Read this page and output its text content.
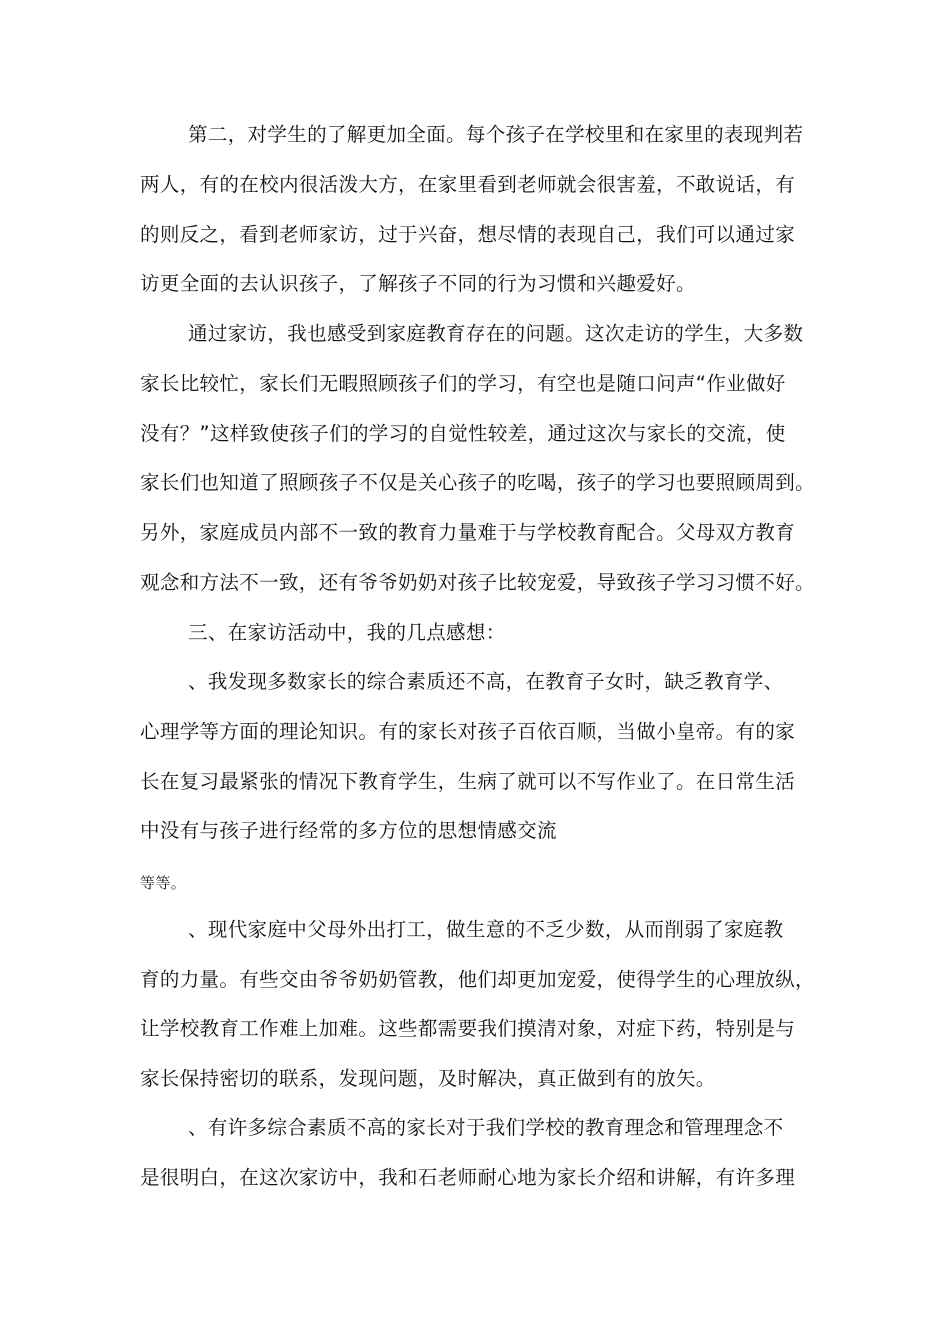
第二，对学生的了解更加全面。每个孩子在学校里和在家里的表现判若
两人，有的在校内很活泼大方，在家里看到老师就会很害羞，不敢说话，有
的则反之，看到老师家访，过于兴奋，想尽情的表现自己，我们可以通过家
访更全面的去认识孩子，了解孩子不同的行为习惯和兴趣爱好。
通过家访，我也感受到家庭教育存在的问题。这次走访的学生，大多数
家长比较忙，家长们无暇照顾孩子们的学习，有空也是随口问声“作业做好
没有？”这样致使孩子们的学习的自觉性较差，通过这次与家长的交流，使
家长们也知道了照顾孩子不仅是关心孩子的吃喝，孩子的学习也要照顾周到。
另外，家庭成员内部不一致的教育力量难于与学校教育配合。父母双方教育
观念和方法不一致，还有爷爷奶奶对孩子比较宠爱，导致孩子学习习惯不好。
三、在家访活动中，我的几点感想：
、我发现多数家长的综合素质还不高，在教育子女时，缺乏教育学、
心理学等方面的理论知识。有的家长对孩子百依百顺，当做小皇帝。有的家
长在复习最紧张的情况下教育学生，生病了就可以不写作业了。在日常生活
中没有与孩子进行经常的多方位的思想情感交流
等等。
、现代家庭中父母外出打工，做生意的不乏少数，从而削弱了家庭教
育的力量。有些交由爷爷奶奶管教，他们却更加宠爱，使得学生的心理放纵，
让学校教育工作难上加难。这些都需要我们摸清对象，对症下药，特别是与
家长保持密切的联系，发现问题，及时解决，真正做到有的放矢。
、有许多综合素质不高的家长对于我们学校的教育理念和管理理念不
是很明白，在这次家访中，我和石老师耐心地为家长介绍和讲解，有许多理
